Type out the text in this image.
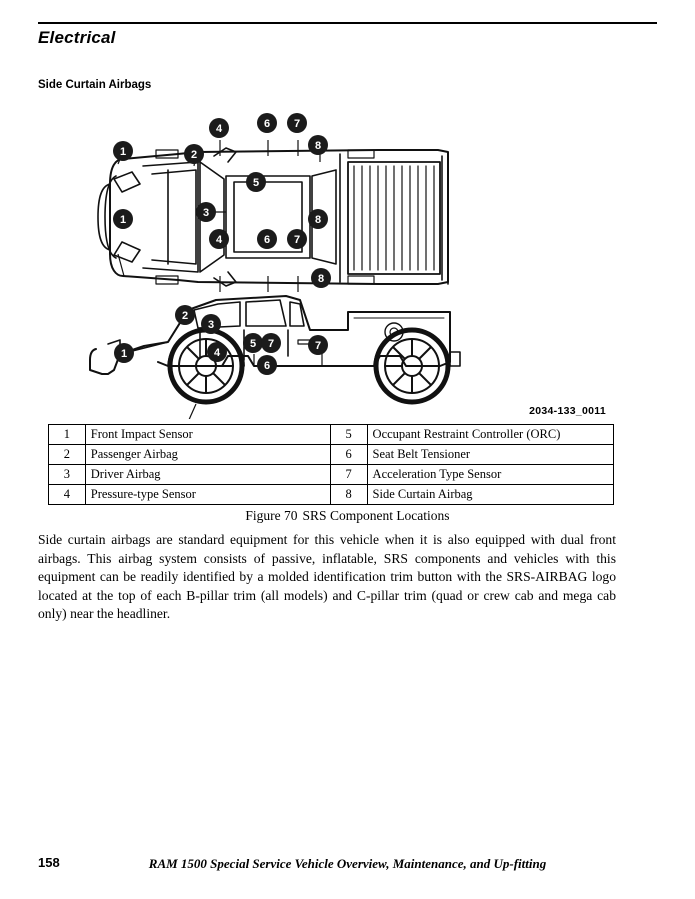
Electrical
Side Curtain Airbags
1
1
2
3
4
4
5
6 7
6 7
8
8
8
2
3
1	4
5 7
6
7
2034-133_0011
1	Front Impact Sensor	5	Occupant Restraint Controller (ORC)
2	Passenger Airbag	6	Seat Belt Tensioner
3	Driver Airbag	7	Acceleration Type Sensor
4	Pressure-type Sensor	8	Side Curtain Airbag
Figure 70 SRS Component Locations
Side curtain airbags are standard equipment for this vehicle when it is also equipped with dual front airbags. This airbag system consists of passive, inflatable, SRS components and vehicles with this equipment can be readily identified by a molded identification trim button with the SRS-AIRBAG logo located at the top of each B-pillar trim (all models) and C-pillar trim (quad or crew cab and mega cab only) near the headliner.
158	RAM 1500 Special Service Vehicle Overview, Maintenance, and Up-fitting
